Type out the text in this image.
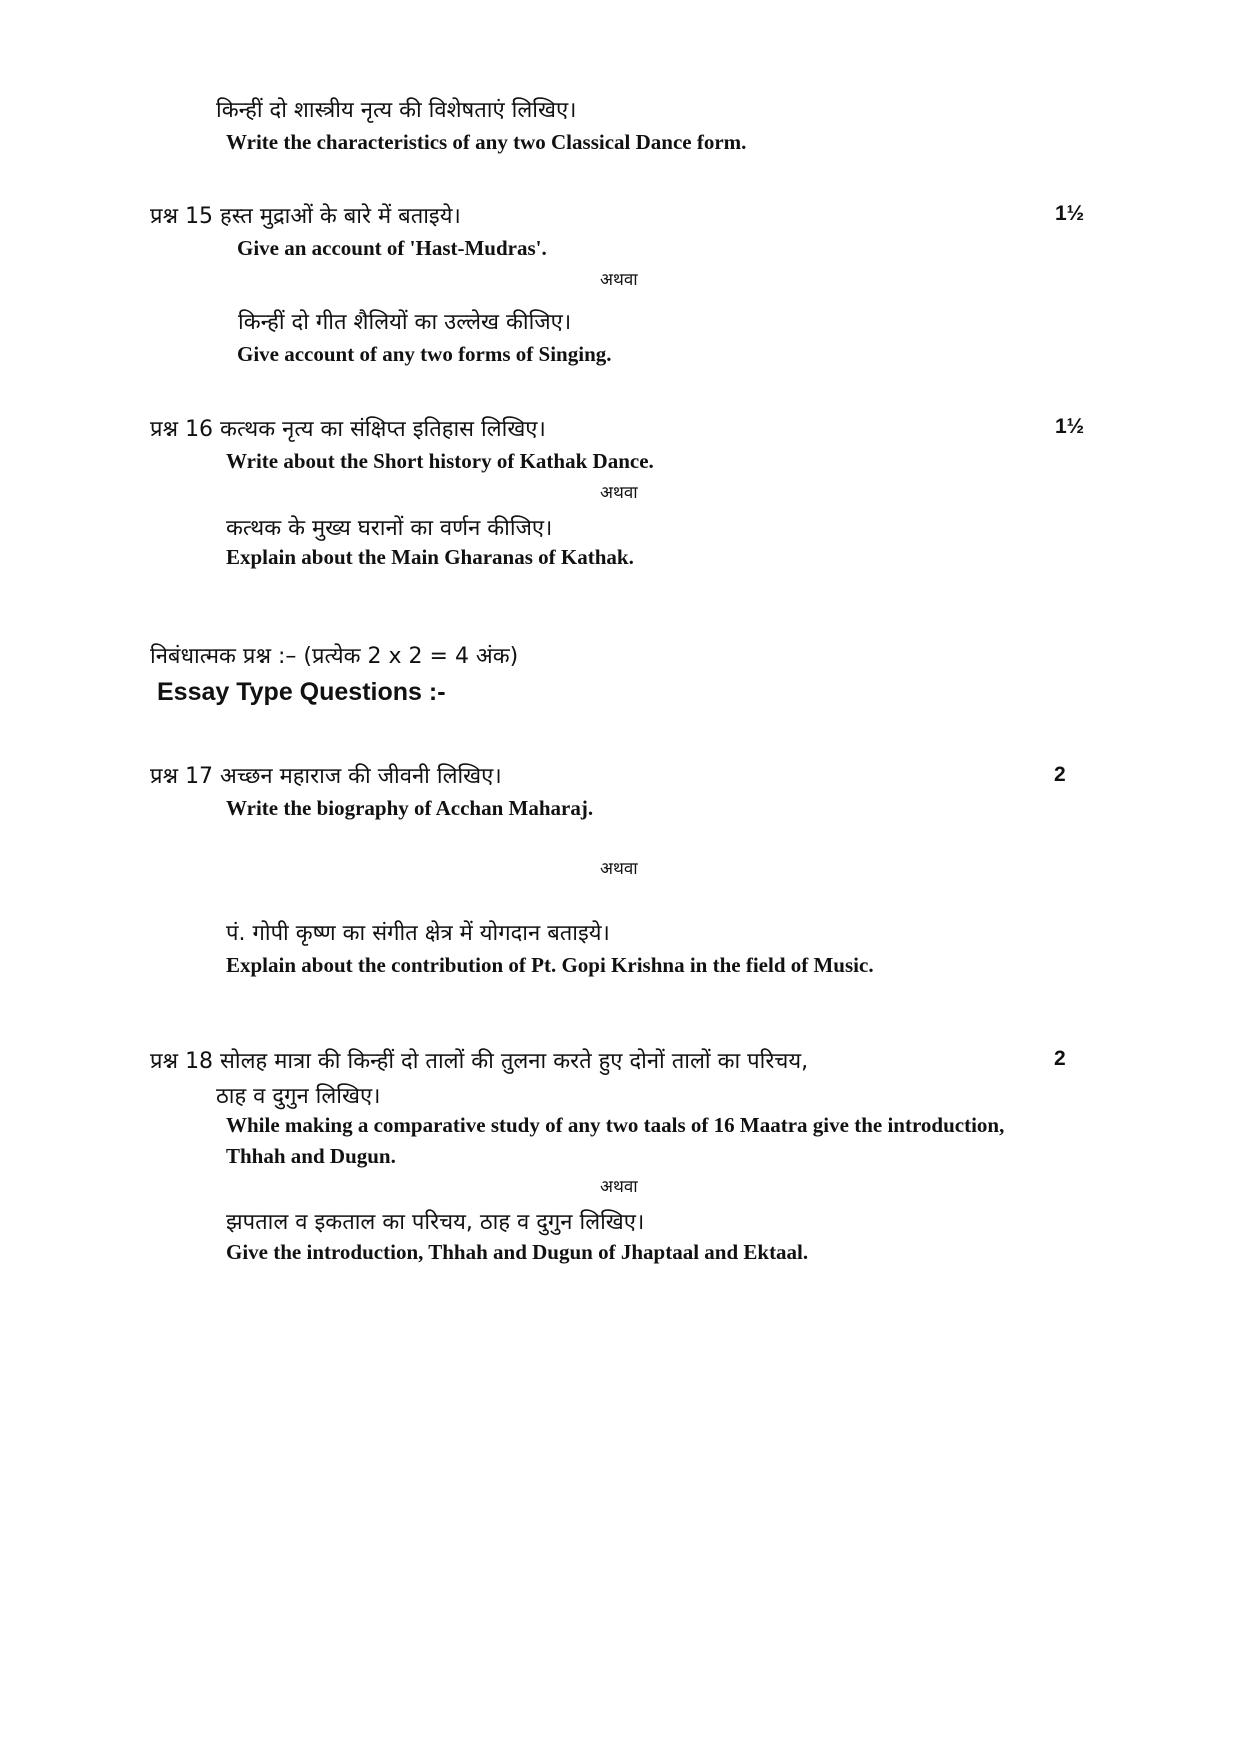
किन्हीं दो शास्त्रीय नृत्य की विशेषताएं लिखिए।
Write the characteristics of any two Classical Dance form.
प्रश्न 15 हस्त मुद्राओं के बारे में बताइये।	1½
Give an account of 'Hast-Mudras'.
अथवा
किन्हीं दो गीत शैलियों का उल्लेख कीजिए।
Give account of any two forms of Singing.
प्रश्न 16 कत्थक नृत्य का संक्षिप्त इतिहास लिखिए।	1½
Write about the Short history of Kathak Dance.
अथवा
कत्थक के मुख्य घरानों का वर्णन कीजिए।
Explain about the Main Gharanas of Kathak.
निबंधात्मक प्रश्न :– (प्रत्येक 2 x 2 = 4 अंक)
Essay Type Questions :-
प्रश्न 17 अच्छन महाराज की जीवनी लिखिए।	2
Write the biography of Acchan Maharaj.
अथवा
पं. गोपी कृष्ण का संगीत क्षेत्र में योगदान बताइये।
Explain about the contribution of Pt. Gopi Krishna in the field of Music.
प्रश्न 18 सोलह मात्रा की किन्हीं दो तालों की तुलना करते हुए दोनों तालों का परिचय,	2
ठाह व दुगुन लिखिए।
While making a comparative study of any two taals of 16 Maatra give the introduction,
Thhah and Dugun.
अथवा
झपताल व इकताल का परिचय, ठाह व दुगुन लिखिए।
Give the introduction, Thhah and Dugun of Jhaptaal and Ektaal.
